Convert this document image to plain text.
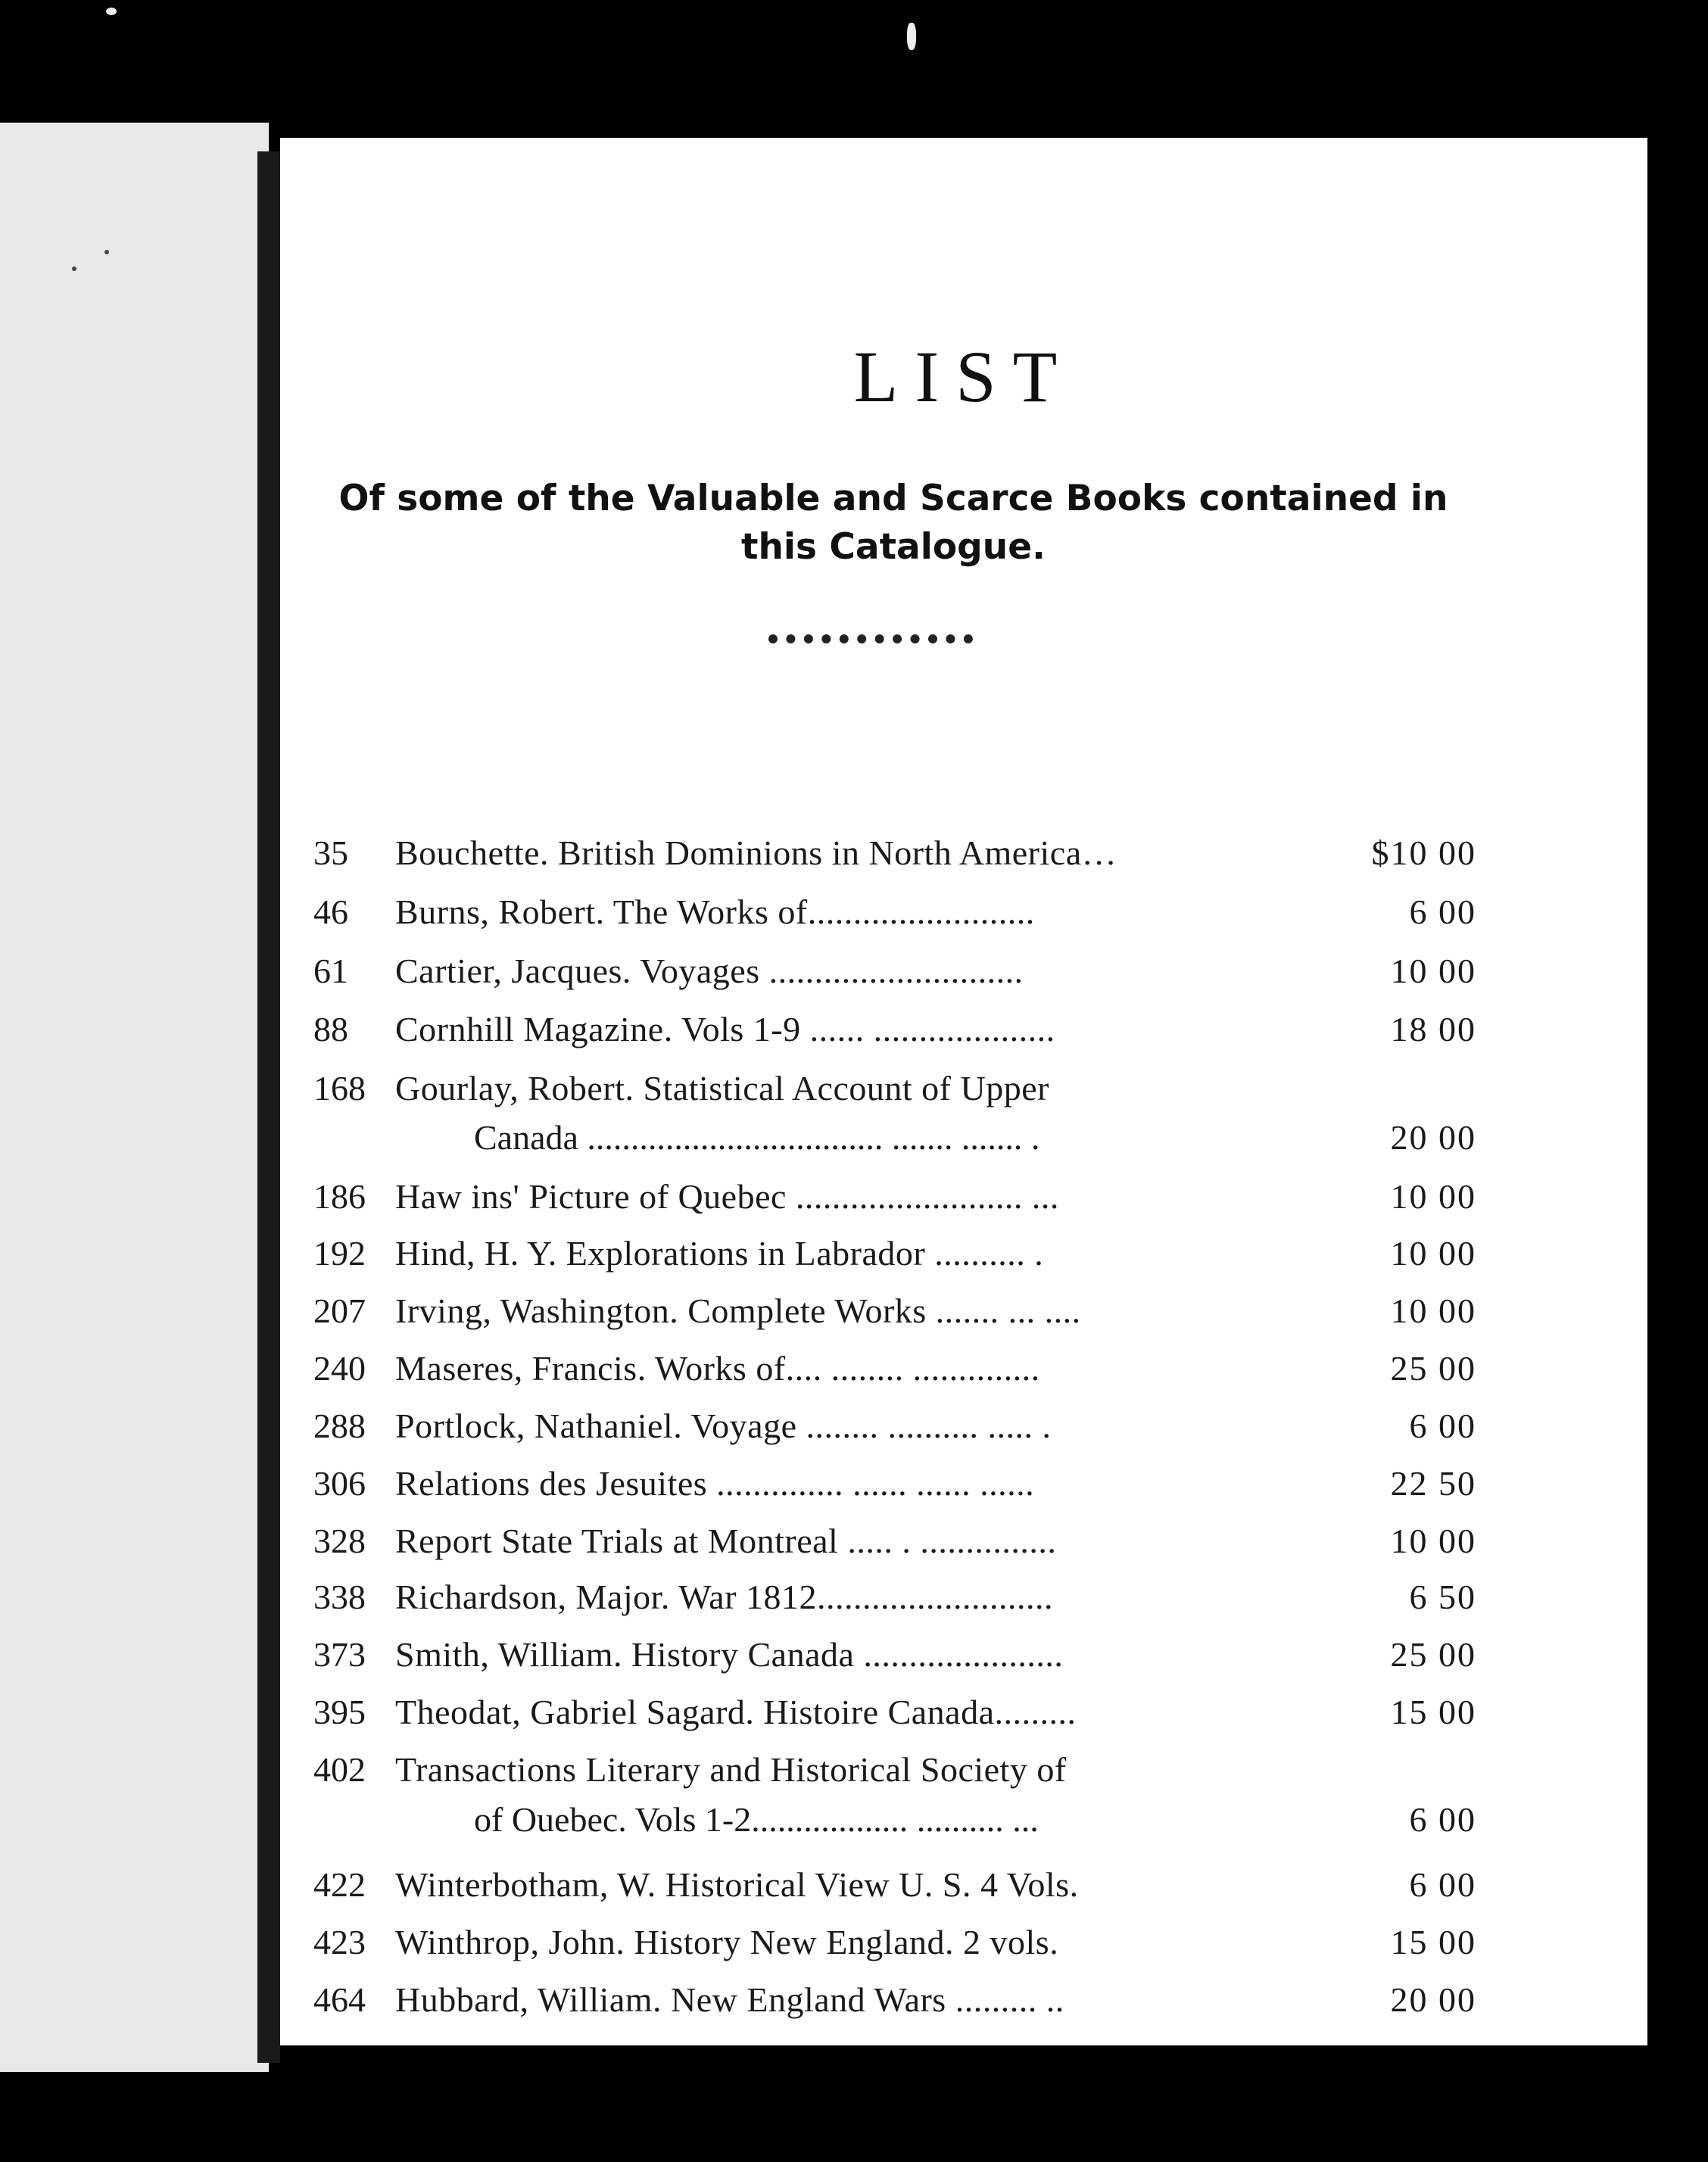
LIST
Of some of the Valuable and Scarce Books contained in
this Catalogue.
35	Bouchette. British Dominions in North America…	$10 00
46	Burns, Robert. The Works of.........................	6 00
61	Cartier, Jacques. Voyages ............................	10 00
88	Cornhill Magazine. Vols 1-9 ...... ....................	18 00
168 Gourlay, Robert. Statistical Account of Upper
Canada .................................. ....... ....... .	20 00
186 Haw ins' Picture of Quebec ......................... ...	10 00
192 Hind, H. Y. Explorations in Labrador .......... .	10 00
207 Irving, Washington. Complete Works ....... ... ....	10 00
240 Maseres, Francis. Works of.... ........ ..............	25 00
288 Portlock, Nathaniel. Voyage ........ .......... ..... .	6 00
306 Relations des Jesuites .............. ...... ...... ......	22 50
328 Report State Trials at Montreal ..... . ...............	10 00
338 Richardson, Major. War 1812..........................	6 50
373 Smith, William. History Canada ......................	25 00
395 Theodat, Gabriel Sagard. Histoire Canada.........	15 00
402 Transactions Literary and Historical Society of
of Ouebec. Vols 1-2.................. .......... ...	6 00
422 Winterbotham, W. Historical View U. S. 4 Vols.	6 00
423 Winthrop, John. History New England. 2 vols.	15 00
464 Hubbard, William. New England Wars ......... ..	20 00
